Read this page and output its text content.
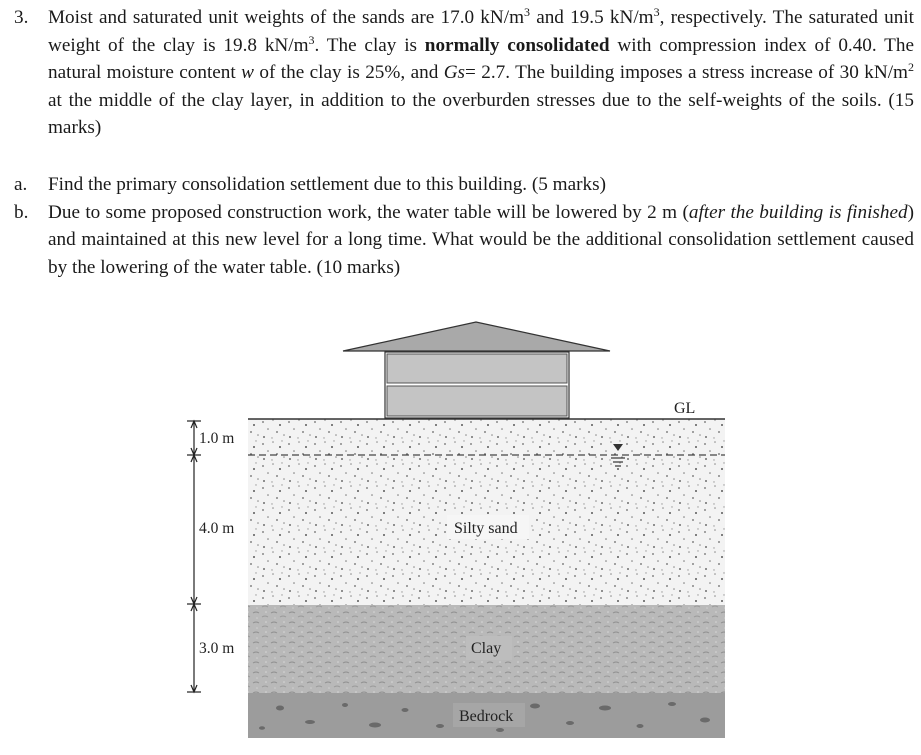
3. Moist and saturated unit weights of the sands are 17.0 $kN/m^3$ and 19.5 $kN/m^3$, respectively. The saturated unit weight of the clay is 19.8 $kN/m^3$. The clay is normally consolidated with compression index of 0.40. The natural moisture content w of the clay is 25%, and Gs= 2.7. The building imposes a stress increase of 30 $kN/m^2$ at the middle of the clay layer, in addition to the overburden stresses due to the self-weights of the soils. (15 marks)
a. Find the primary consolidation settlement due to this building. (5 marks)
b. Due to some proposed construction work, the water table will be lowered by 2 m (after the building is finished) and maintained at this new level for a long time. What would be the additional consolidation settlement caused by the lowering of the water table. (10 marks)
1.0 m
4.0 m
3.0 m
GL
Silty sand
Clay
Bedrock
